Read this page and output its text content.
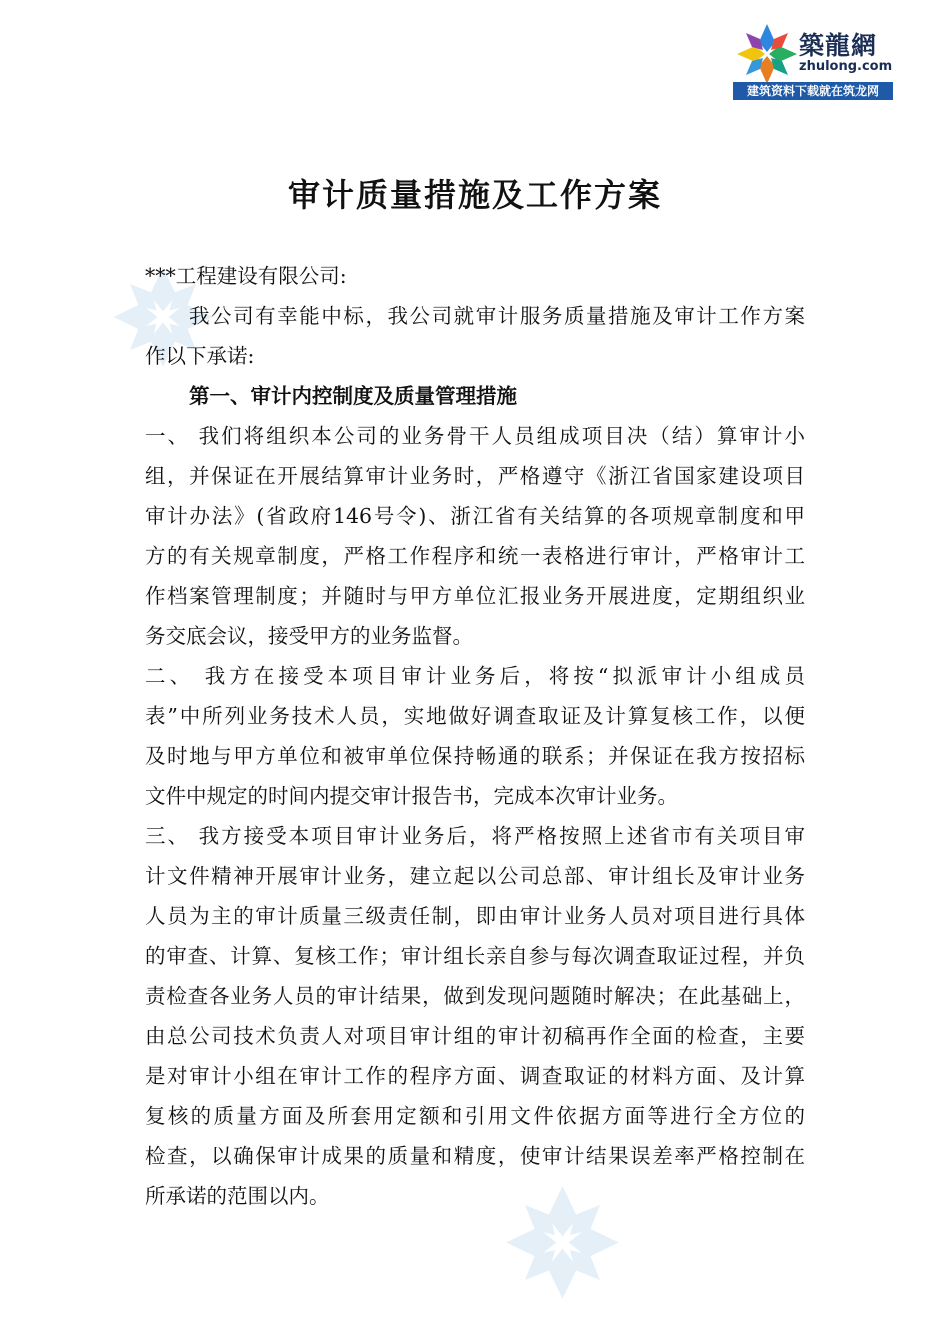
築龍網
zhulong.com
建筑资料下载就在筑龙网
审计质量措施及工作方案
***工程建设有限公司:
我公司有幸能中标，我公司就审计服务质量措施及审计工作方案
作以下承诺:
第一、审计内控制度及质量管理措施
一、 我们将组织本公司的业务骨干人员组成项目决（结）算审计小
组，并保证在开展结算审计业务时，严格遵守《浙江省国家建设项目
审计办法》(省政府146号令)、浙江省有关结算的各项规章制度和甲
方的有关规章制度，严格工作程序和统一表格进行审计，严格审计工
作档案管理制度；并随时与甲方单位汇报业务开展进度，定期组织业
务交底会议，接受甲方的业务监督。
二、 我方在接受本项目审计业务后，将按“拟派审计小组成员
表”中所列业务技术人员，实地做好调查取证及计算复核工作，以便
及时地与甲方单位和被审单位保持畅通的联系；并保证在我方按招标
文件中规定的时间内提交审计报告书，完成本次审计业务。
三、 我方接受本项目审计业务后，将严格按照上述省市有关项目审
计文件精神开展审计业务，建立起以公司总部、审计组长及审计业务
人员为主的审计质量三级责任制，即由审计业务人员对项目进行具体
的审查、计算、复核工作；审计组长亲自参与每次调查取证过程，并负
责检查各业务人员的审计结果，做到发现问题随时解决；在此基础上，
由总公司技术负责人对项目审计组的审计初稿再作全面的检查，主要
是对审计小组在审计工作的程序方面、调查取证的材料方面、及计算
复核的质量方面及所套用定额和引用文件依据方面等进行全方位的
检查，以确保审计成果的质量和精度，使审计结果误差率严格控制在
所承诺的范围以内。
